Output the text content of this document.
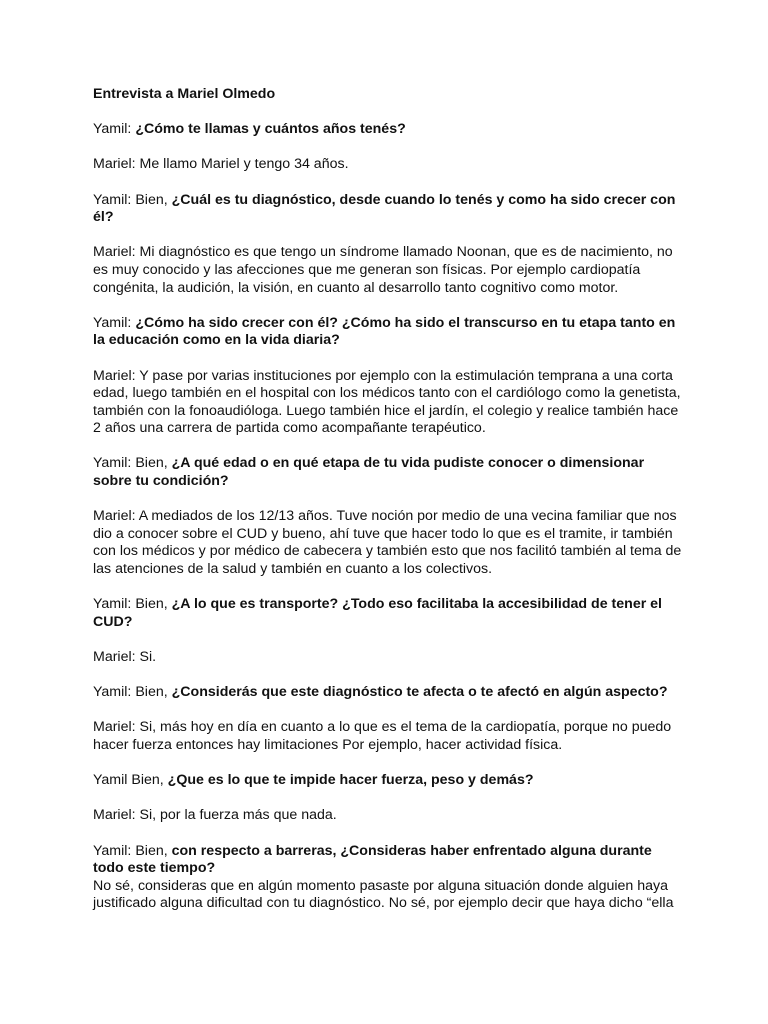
Entrevista a Mariel Olmedo

Yamil: ¿Cómo te llamas y cuántos años tenés?

Mariel: Me llamo Mariel y tengo 34 años.

Yamil: Bien, ¿Cuál es tu diagnóstico, desde cuando lo tenés y como ha sido crecer con él?

Mariel: Mi diagnóstico es que tengo un síndrome llamado Noonan, que es de nacimiento, no es muy conocido y las afecciones que me generan son físicas. Por ejemplo cardiopatía congénita, la audición, la visión, en cuanto al desarrollo tanto cognitivo como motor.

Yamil: ¿Cómo ha sido crecer con él? ¿Cómo ha sido el transcurso en tu etapa tanto en la educación como en la vida diaria?

Mariel: Y pase por varias instituciones por ejemplo con la estimulación temprana a una corta edad, luego también en el hospital con los médicos tanto con el cardiólogo como la genetista, también con la fonoaudióloga. Luego también hice el jardín, el colegio y realice también hace 2 años una carrera de partida como acompañante terapéutico.

Yamil: Bien, ¿A qué edad o en qué etapa de tu vida pudiste conocer o dimensionar sobre tu condición?

Mariel: A mediados de los 12/13 años. Tuve noción por medio de una vecina familiar que nos dio a conocer sobre el CUD y bueno, ahí tuve que hacer todo lo que es el tramite, ir también con los médicos y por médico de cabecera y también esto que nos facilitó también al tema de las atenciones de la salud y también en cuanto a los colectivos.

Yamil: Bien, ¿A lo que es transporte? ¿Todo eso facilitaba la accesibilidad de tener el CUD?

Mariel: Si.

Yamil: Bien, ¿Considerás que este diagnóstico te afecta o te afectó en algún aspecto?

Mariel: Si, más hoy en día en cuanto a lo que es el tema de la cardiopatía, porque no puedo hacer fuerza entonces hay limitaciones Por ejemplo, hacer actividad física.

Yamil Bien, ¿Que es lo que te impide hacer fuerza, peso y demás?

Mariel: Si, por la fuerza más que nada.

Yamil: Bien, con respecto a barreras, ¿Consideras haber enfrentado alguna durante todo este tiempo?

No sé, consideras que en algún momento pasaste por alguna situación donde alguien haya justificado alguna dificultad con tu diagnóstico. No sé, por ejemplo decir que haya dicho “ella
